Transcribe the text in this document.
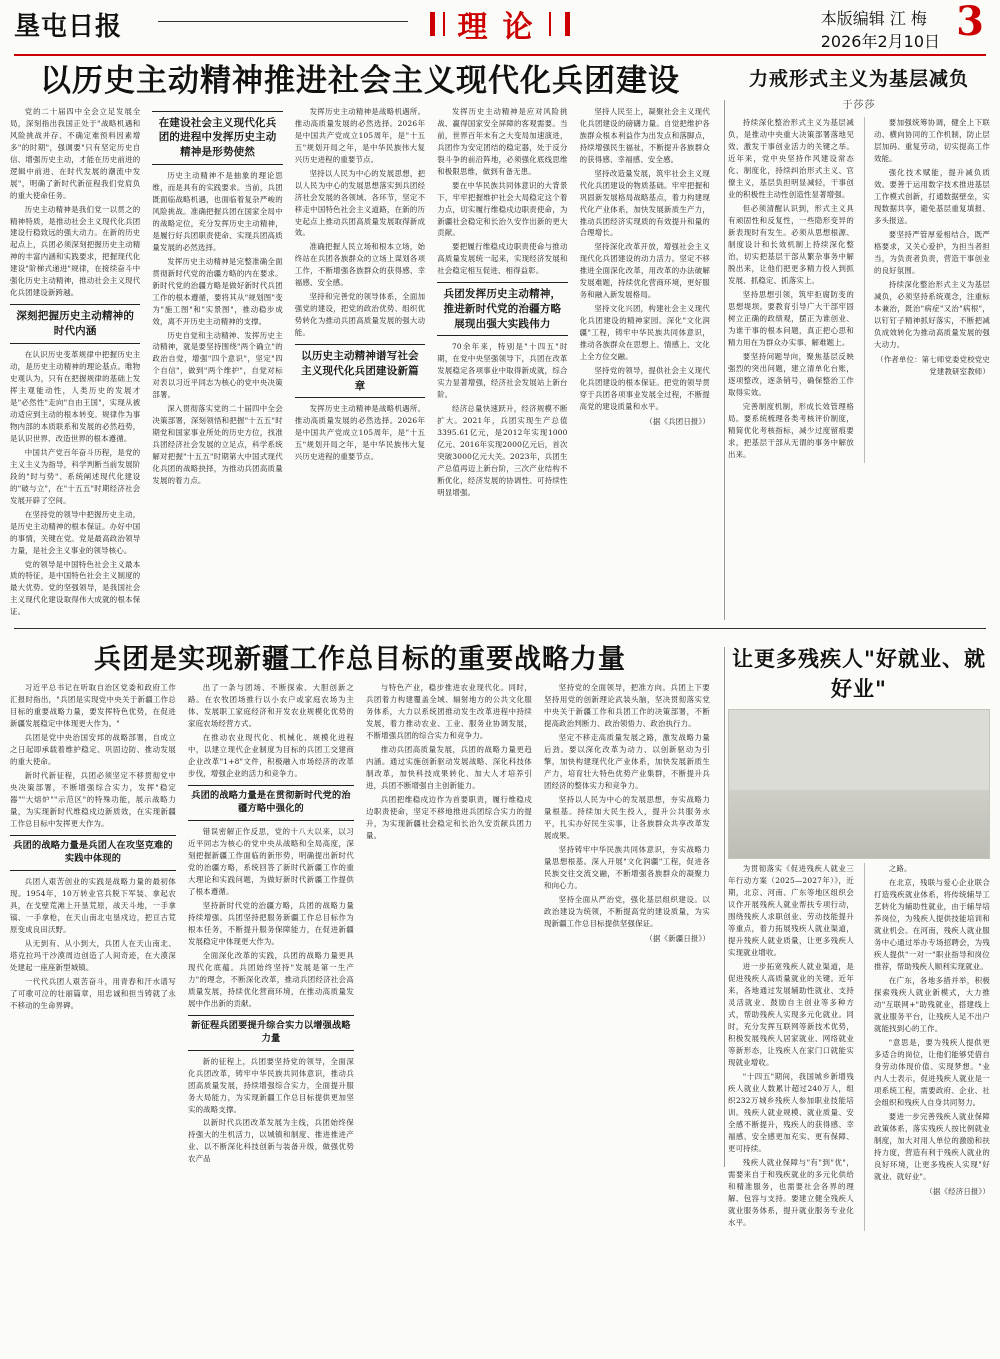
垦屯日报	理 论	本版编辑 江 梅
2026年2月10日 3
力戒形式主义为基层减负
于莎莎

持续深化整治形式主义为基层减负，是推动中央重大决策部署落地见效、激发干事创业活力的关键之举。近年来，党中央坚持作风建设常态化、制度化，持续纠治形式主义、官僚主义，基层负担明显减轻，干事创业的积极性主动性创造性显著增强。

但必须清醒认识到，形式主义具有顽固性和反复性，一些隐形变异的新表现时有发生。必须从思想根源、制度设计和长效机制上持续深化整治，切实把基层干部从繁杂事务中解脱出来，让他们把更多精力投入到抓发展、抓稳定、抓落实上。

坚持思想引领，筑牢拒腐防变的思想堤坝。要教育引导广大干部牢固树立正确的政绩观，摆正为谁创业、为谁干事的根本问题，真正把心思和精力用在为群众办实事、解难题上。

要坚持问题导向，聚焦基层反映强烈的突出问题，建立清单化台账，逐项整改，逐条销号，确保整治工作取得实效。

完善制度机制，形成长效管理格局。要系统梳理各类考核评价制度，精简优化考核指标，减少过度留痕要求，把基层干部从无谓的事务中解放出来。

要加强统筹协调，健全上下联动、横向协同的工作机制，防止层层加码、重复劳动，切实提高工作效能。

强化技术赋能，提升减负质效。要善于运用数字技术推进基层工作模式创新，打通数据壁垒，实现数据共享，避免基层重复填报、多头报送。

要坚持严管厚爱相结合，既严格要求，又关心爱护，为担当者担当，为负责者负责，营造干事创业的良好氛围。

持续深化整治形式主义为基层减负，必须坚持系统观念，注重标本兼治，既治"病症"又治"病根"，以钉钉子精神抓好落实，不断把减负成效转化为推动高质量发展的强大动力。

（作者单位：第七师党委党校党史党建教研室教师）
以历史主动精神推进社会主义现代化兵团建设

党的二十届四中全会立足发展全局，深刻指出我国正处于"战略机遇和风险挑战并存、不确定难预料因素增多"的时期"，强调要"只有坚定历史自信、增强历史主动，才能在历史前进的逻辑中前进、在时代发展的潮流中发展"，明确了新时代新征程我们党肩负的重大使命任务。

历史主动精神是我们党一以贯之的精神特质，是推动社会主义现代化兵团建设行稳致远的强大动力。在新的历史起点上，兵团必须深刻把握历史主动精神的丰富内涵和实践要求，把握现代化建设"阶梯式递进"规律，在接续奋斗中强化历史主动精神，推动社会主义现代化兵团建设新跨越。

深刻把握历史主动精神的时代内涵

在认识历史变革规律中把握历史主动，是历史主动精神的理论基点。唯物史观认为，只有在把握规律的基础上发挥主观能动性，人类历史的发展才是"必然性"走向"自由王国"，实现从被动适应到主动的根本转变。规律作为事物内部的本质联系和发展的必然趋势，是认识世界、改造世界的根本遵循。

中国共产党百年奋斗历程，是党的主义主义为指导，科学判断当前发展阶段的"时与势"、系统阐述现代化建设的"破与立"，在"十五五"时期经济社会发展开辟了空间。

在坚持党的领导中把握历史主动，是历史主动精神的根本保证。办好中国的事情，关键在党。党是最高政治领导力量，是社会主义事业的领导核心。

党的领导是中国特色社会主义最本质的特征，是中国特色社会主义制度的最大优势。党的坚强领导，是我国社会主义现代化建设取得伟大成就的根本保证。

在建设社会主义现代化兵团的进程中发挥历史主动精神是形势使然

历史主动精神不是抽象的理论思维，而是具有的实践要求。当前，兵团既面临战略机遇，也面临着复杂严峻的风险挑战。准确把握兵团在国家全局中的战略定位，充分发挥历史主动精神，是履行好兵团职责使命、实现兵团高质量发展的必然选择。

发挥历史主动精神是完整准确全面贯彻新时代党的治疆方略的内在要求。新时代党的治疆方略是做好新时代兵团工作的根本遵循，要将其从"规划图"变为"施工图"和"实景图"，推动稳步成效，离不开历史主动精神的支撑。

历史自觉和主动精神、发挥历史主动精神，就是要坚持围绕"两个确立"的政治自觉，增强"四个意识"，坚定"四个自信"，做到"两个维护"，自觉对标对表以习近平同志为核心的党中央决策部署。

深入贯彻落实党的二十届四中全会决策部署，深刻领悟和把握"十五五"时期党和国家事业所处的历史方位，找准兵团经济社会发展的立足点，科学系统解对把握"十五五"时期第大中国式现代化兵团的战略抉择，为推动兵团高质量发展的着力点。

发挥历史主动精神是战略机遇所。推动高质量发展的必然选择。2026年是中国共产党成立105周年，是"十五五"规划开局之年，是中华民族伟大复兴历史进程的重要节点。

坚持以人民为中心的发展思想，把以人民为中心的发展思想落实到兵团经济社会发展的各领域、各环节，坚定不移走中国特色社会主义道路，在新的历史起点上推动兵团高质量发展取得新成效。

准确把握人民立场和根本立场，始终站在兵团各族群众的立场上谋划各项工作，不断增强各族群众的获得感、幸福感、安全感。

坚持和完善党的领导体系，全面加强党的建设，把党的政治优势、组织优势转化为推动兵团高质量发展的强大动能。

以历史主动精神谱写社会主义现代化兵团建设新篇章

发挥历史主动精神是战略机遇所。推动高质量发展的必然选择。2026年是中国共产党成立105周年，是"十五五"规划开局之年，是中华民族伟大复兴历史进程的重要节点。

发挥历史主动精神是应对风险挑战、赢得国家安全屏障的客观需要。当前，世界百年未有之大变局加速演进，兵团作为安定团结的稳定器，处于反分裂斗争的前沿阵地，必须强化底线思维和极限思维，做到有备无患。

要在中华民族共同体意识的大背景下，牢牢把握维护社会大局稳定这个着力点，切实履行维稳戍边职责使命，为新疆社会稳定和长治久安作出新的更大贡献。

要把履行维稳戍边职责使命与推动高质量发展统一起来，实现经济发展和社会稳定相互促进、相得益彰。

兵团发挥历史主动精神，推进新时代党的治疆方略展现出强大实践伟力

70余年来，特别是"十四五"时期，在党中央坚强领导下，兵团在改革发展稳定各项事业中取得新成就，综合实力显著增强，经济社会发展站上新台阶。

经济总量快速跃升，经济规模不断扩大。2021年，兵团实现生产总值3395.61亿元，是2012年实现1000亿元、2016年实现2000亿元后，首次突破3000亿元大关。2023年，兵团生产总值再迈上新台阶，三次产业结构不断优化，经济发展的协调性、可持续性明显增强。

坚持人民至上，凝聚社会主义现代化兵团建设的磅礴力量。自觉把维护各族群众根本利益作为出发点和落脚点，持续增强民生福祉，不断提升各族群众的获得感、幸福感、安全感。

坚持改造量发展，筑牢社会主义现代化兵团建设的物质基础。牢牢把握和巩固新发展格局战略基点，着力构建现代化产业体系，加快发展新质生产力，推动兵团经济实现质的有效提升和量的合理增长。

坚持深化改革开放，增强社会主义现代化兵团建设的动力活力。坚定不移推进全面深化改革，用改革的办法破解发展难题，持续优化营商环境，更好服务和融入新发展格局。

坚持文化兴团，构建社会主义现代化兵团建设的精神家园。深化"文化润疆"工程，铸牢中华民族共同体意识，推动各族群众在思想上、情感上、文化上全方位交融。

坚持党的领导，提供社会主义现代化兵团建设的根本保证。把党的领导贯穿于兵团各项事业发展全过程，不断提高党的建设质量和水平。

（据《兵团日报》）
让更多残疾人"好就业、就好业"

为贯彻落实《促进残疾人就业三年行动方案（2025—2027年）》，近期，北京、河南、广东等地区组织会议作开展残疾人就业帮扶专项行动，围绕残疾人求职创业、劳动技能提升等重点，着力拓展残疾人就业渠道，提升残疾人就业质量，让更多残疾人实现就业增收。

进一步拓宽残疾人就业渠道，是促进残疾人高质量就业的关键。近年来，各地通过发展辅助性就业、支持灵活就业、鼓励自主创业等多种方式，帮助残疾人实现多元化就业。同时，充分发挥互联网等新技术优势，积极发展残疾人居家就业、网络就业等新形态，让残疾人在家门口就能实现就业增收。

"十四五"期间，我国城乡新增残疾人就业人数累计超过240万人，组织232万城乡残疾人参加职业技能培训。残疾人就业规模、就业质量、安全感不断提升，残疾人的获得感、幸福感、安全感更加充实、更有保障、更可持续。

残疾人就业保障与"有"到"优"，需要来自于和残疾就业的多元化供给和精准服务，也需要社会各界的理解、包容与支持。要建立健全残疾人就业服务体系，提升就业服务专业化水平。

之路。

在北京，残联与爱心企业联合打造残疾就业体系，将传统辅导工艺转化为辅助性就业，由于辅导培养岗位，为残疾人提供技能培训和就业机会。在河南，残疾人就业服务中心通过举办专场招聘会，为残疾人提供"一对一"职业指导和岗位推荐，帮助残疾人顺利实现就业。

在广东，各地多措并举，积极探索残疾人就业新模式，大力推动"互联网+"助残就业，搭建线上就业服务平台，让残疾人足不出户就能找到心的工作。

"意思是，要为残疾人提供更多适合的岗位，让他们能够凭借自身劳动体现价值、实现梦想。"业内人士表示，促进残疾人就业是一项系统工程，需要政府、企业、社会组织和残疾人自身共同努力。

要进一步完善残疾人就业保障政策体系，落实残疾人按比例就业制度，加大对用人单位的激励和扶持力度，营造有利于残疾人就业的良好环境，让更多残疾人实现"好就业、就好业"。

（据《经济日报》）
兵团是实现新疆工作总目标的重要战略力量

习近平总书记在听取自治区党委和政府工作汇报时指出，"兵团是实现党中央关于新疆工作总目标的重要战略力量，要发挥特色优势，在促进新疆发展稳定中体现更大作为。"

兵团是党中央治国安邦的战略部署，自成立之日起即承载着维护稳定、巩固边防、推动发展的重大使命。

新时代新征程，兵团必须坚定不移贯彻党中央决策部署，不断增强综合实力，发挥"稳定器""大熔炉""示范区"的特殊功能，展示战略力量，为实现新时代维稳戍边新质效，在实现新疆工作总目标中发挥更大作为。

兵团的战略力量是兵团人在攻坚克难的实践中体现的

兵团人艰苦创业的实践是战略力量的最初体现。1954年，10万转业官兵脱下军装、拿起农具，在戈壁荒滩上开垦荒原，战天斗地，一手拿镐、一手拿枪，在天山南北屯垦戍边，把亘古荒原变成良田沃野。

从无到有、从小到大，兵团人在天山南北、塔克拉玛干沙漠周边创造了人间奇迹，在大漠深处建起一座座新型城镇。

一代代兵团人艰苦奋斗，用青春和汗水谱写了可歌可泣的壮丽篇章，用忠诚和担当铸就了永不移动的生命界碑。

出了一条与团场、不断探索、大胆创新之路。在农牧团场推行以小农户或家庭农场为主体、发展职工家庭经济和开发农业规模化优势的家庭农场经营方式。

在推动农业现代化、机械化、规模化进程中，以建立现代企业制度为目标的兵团工交建商企业改革"1+8"文件，积极融入市场经济的改革步伐，增强企业的活力和竞争力。

兵团的战略力量是在贯彻新时代党的治疆方略中强化的

错误密解正作反思，党的十八大以来，以习近平同志为核心的党中央从战略和全局高度，深刻把握新疆工作面临的新形势，明确提出新时代党的治疆方略，系统回答了新时代新疆工作的重大理论和实践问题，为做好新时代新疆工作提供了根本遵循。

坚持新时代党的治疆方略，兵团的战略力量持续增强。兵团坚持把服务新疆工作总目标作为根本任务，不断提升服务保障能力，在促进新疆发展稳定中体现更大作为。

全面深化改革的实践，兵团的战略力量更具现代化底蕴。兵团始终坚持"发展是第一生产力"的理念，不断深化改革，推动兵团经济社会高质量发展，持续优化营商环境，在推动高质量发展中作出新的贡献。

新征程兵团要提升综合实力以增强战略力量

新的征程上，兵团要坚持党的领导，全面深化兵团改革，铸牢中华民族共同体意识，推动兵团高质量发展，持续增强综合实力，全面提升服务大局能力，为实现新疆工作总目标提供更加坚实的战略支撑。

以新时代兵团改革发展为主线，兵团始终保持强大的生机活力，以城镇和制度、推进推进产业、以不断深化科技创新与装备升级，做强优势农产品

与特色产业，稳步推进农业现代化。同时，兵团着力构建覆盖全域、辐射地方的公共文化服务体系，大力以系统团推动发生改革进程中持续发展，着力推动农业、工业、服务业协调发展，不断增强兵团的综合实力和竞争力。

推动兵团高质量发展，兵团的战略力量更趋内涵。通过实施创新驱动发展战略、深化科技体制改革，加快科技成果转化、加大人才培养引进，兵团不断增强自主创新能力。

兵团把维稳戍边作为首要职责，履行维稳戍边职责使命，坚定不移地推进兵团综合实力的提升，为实现新疆社会稳定和长治久安贡献兵团力量。

坚持党的全面领导，把准方向。兵团上下要坚持用党的创新理论武装头脑，坚决贯彻落实党中央关于新疆工作和兵团工作的决策部署，不断提高政治判断力、政治领悟力、政治执行力。

坚定不移走高质量发展之路，激发战略力量后劲。要以深化改革为动力、以创新驱动为引擎，加快构建现代化产业体系，加快发展新质生产力，培育壮大特色优势产业集群，不断提升兵团经济的整体实力和竞争力。

坚持以人民为中心的发展思想，夯实战略力量根基。持续加大民生投入，提升公共服务水平，扎实办好民生实事，让各族群众共享改革发展成果。

坚持铸牢中华民族共同体意识，夯实战略力量思想根基。深入开展"文化润疆"工程，促进各民族交往交流交融，不断增强各族群众的凝聚力和向心力。

坚持全面从严治党，强化基层组织建设。以政治建设为统领，不断提高党的建设质量，为实现新疆工作总目标提供坚强保证。

（据《新疆日报》）
